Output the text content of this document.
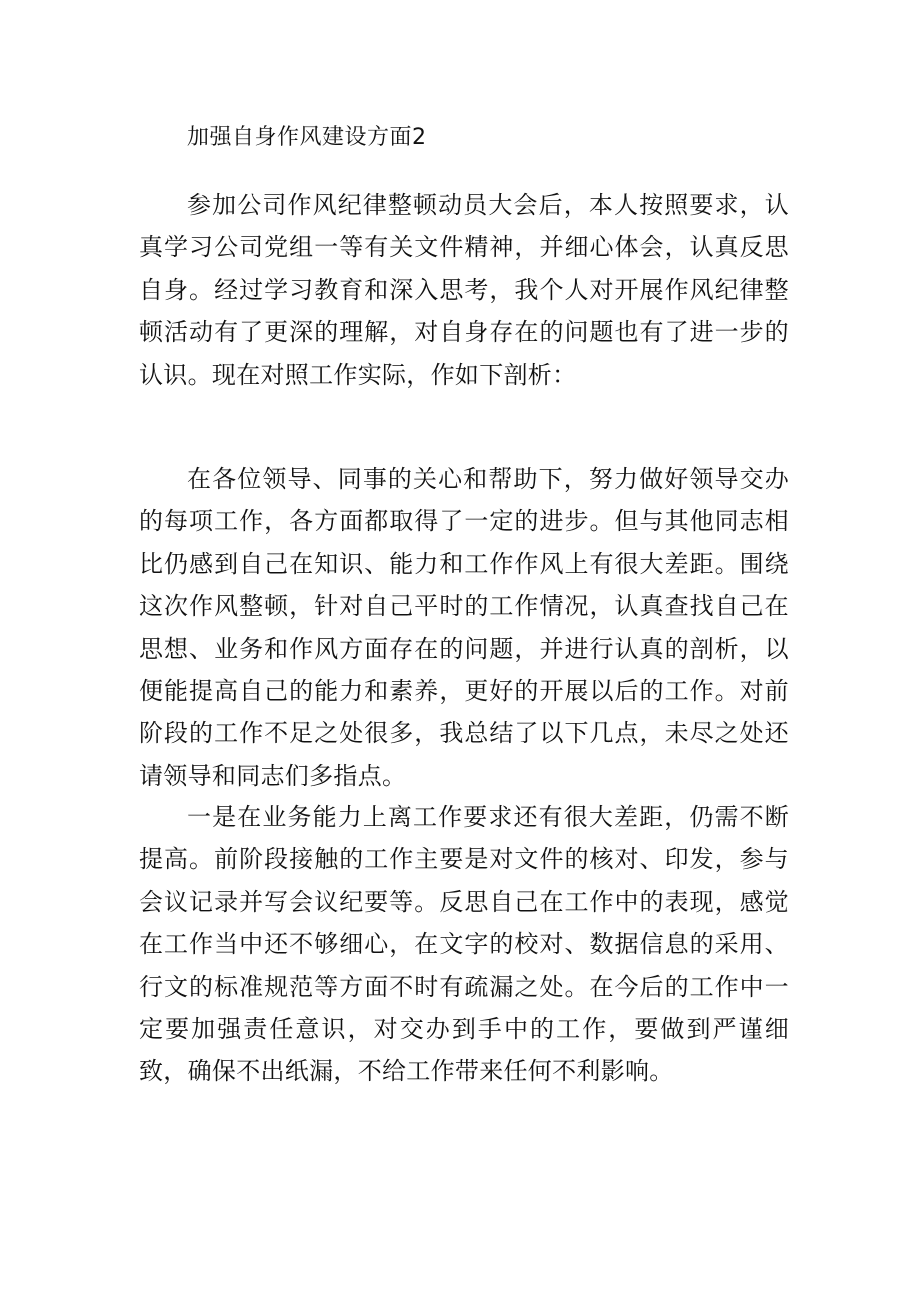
加强自身作风建设方面2

参加公司作风纪律整顿动员大会后，本人按照要求，认真学习公司党组一等有关文件精神，并细心体会，认真反思自身。经过学习教育和深入思考，我个人对开展作风纪律整顿活动有了更深的理解，对自身存在的问题也有了进一步的认识。现在对照工作实际，作如下剖析：

在各位领导、同事的关心和帮助下，努力做好领导交办的每项工作，各方面都取得了一定的进步。但与其他同志相比仍感到自己在知识、能力和工作作风上有很大差距。围绕这次作风整顿，针对自己平时的工作情况，认真查找自己在思想、业务和作风方面存在的问题，并进行认真的剖析，以便能提高自己的能力和素养，更好的开展以后的工作。对前阶段的工作不足之处很多，我总结了以下几点，未尽之处还请领导和同志们多指点。

一是在业务能力上离工作要求还有很大差距，仍需不断提高。前阶段接触的工作主要是对文件的核对、印发，参与会议记录并写会议纪要等。反思自己在工作中的表现，感觉在工作当中还不够细心，在文字的校对、数据信息的采用、行文的标准规范等方面不时有疏漏之处。在今后的工作中一定要加强责任意识，对交办到手中的工作，要做到严谨细致，确保不出纸漏，不给工作带来任何不利影响。
